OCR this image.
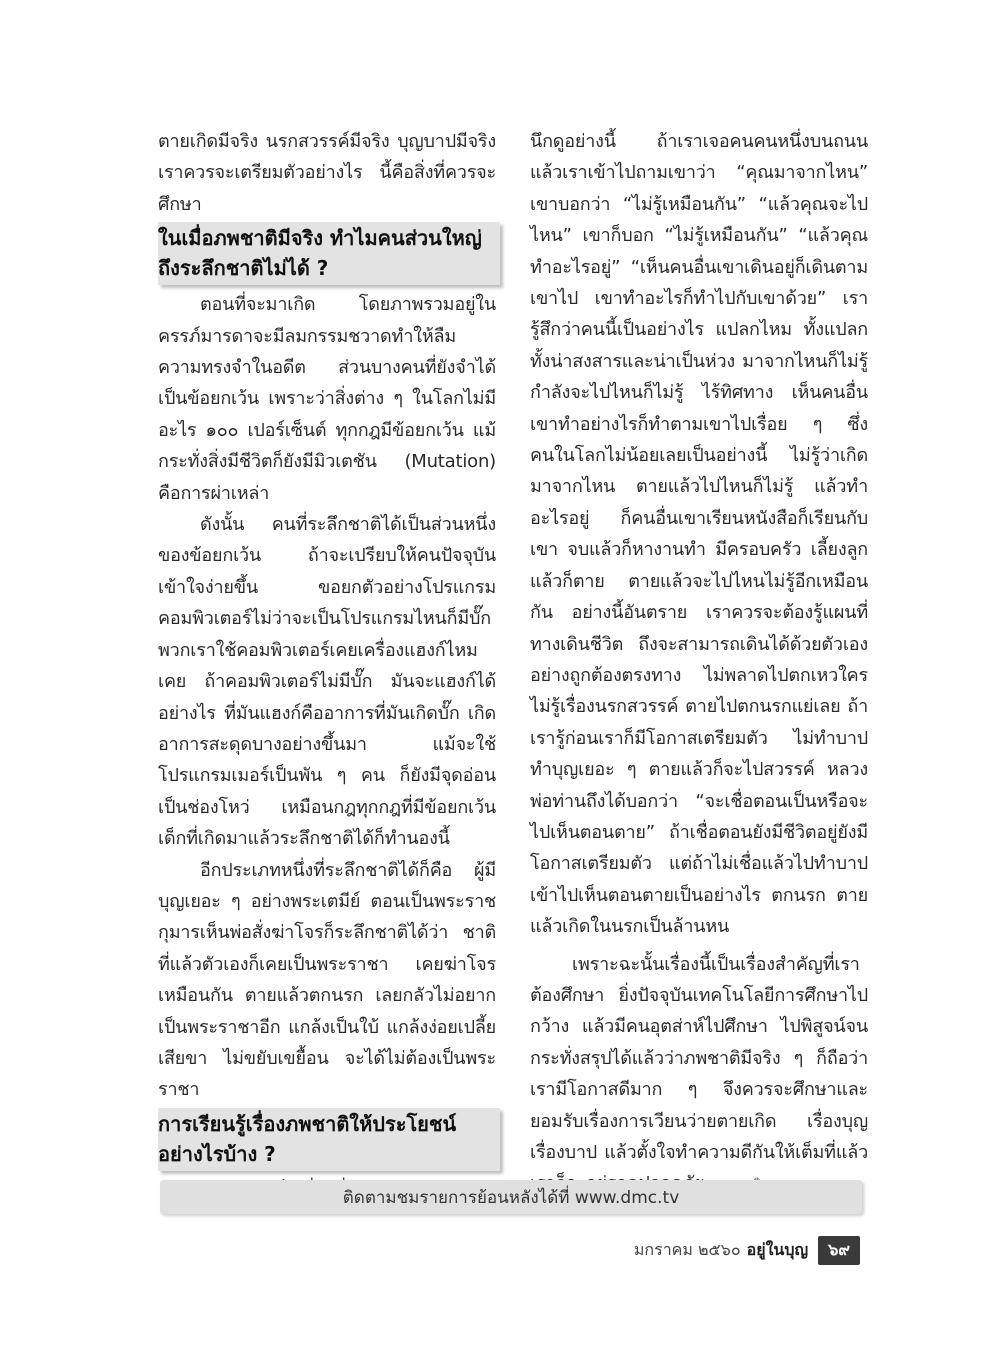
ตายเกิดมีจริง นรกสวรรค์มีจริง บุญบาปมีจริง เราควรจะเตรียมตัวอย่างไร นี้คือสิ่งที่ควรจะศึกษา

ในเมื่อภพชาติมีจริง ทำไมคนส่วนใหญ่
ถึงระลึกชาติไม่ได้ ?

ตอนที่จะมาเกิด โดยภาพรวมอยู่ในครรภ์มารดาจะมีลมกรรมชวาดทำให้ลืมความทรงจำในอดีต ส่วนบางคนที่ยังจำได้เป็นข้อยกเว้น เพราะว่าสิ่งต่าง ๆ ในโลกไม่มีอะไร ๑๐๐ เปอร์เซ็นต์ ทุกกฎมีข้อยกเว้น แม้กระทั่งสิ่งมีชีวิตก็ยังมีมิวเตชัน (Mutation) คือการผ่าเหล่า

ดังนั้น คนที่ระลึกชาติได้เป็นส่วนหนึ่งของข้อยกเว้น ถ้าจะเปรียบให้คนปัจจุบันเข้าใจง่ายขึ้น ขอยกตัวอย่างโปรแกรมคอมพิวเตอร์ไม่ว่าจะเป็นโปรแกรมไหนก็มีบั๊ก พวกเราใช้คอมพิวเตอร์เคยเครื่องแฮงก์ไหม เคย ถ้าคอมพิวเตอร์ไม่มีบั๊ก มันจะแฮงก์ได้อย่างไร ที่มันแฮงก์คืออาการที่มันเกิดบั๊ก เกิดอาการสะดุดบางอย่างขึ้นมา แม้จะใช้โปรแกรมเมอร์เป็นพัน ๆ คน ก็ยังมีจุดอ่อนเป็นช่องโหว่ เหมือนกฎทุกกฎที่มีข้อยกเว้น เด็กที่เกิดมาแล้วระลึกชาติได้ก็ทำนองนี้

อีกประเภทหนึ่งที่ระลึกชาติได้ก็คือ ผู้มีบุญเยอะ ๆ อย่างพระเตมีย์ ตอนเป็นพระราชกุมารเห็นพ่อสั่งฆ่าโจรก็ระลึกชาติได้ว่า ชาติที่แล้วตัวเองก็เคยเป็นพระราชา เคยฆ่าโจรเหมือนกัน ตายแล้วตกนรก เลยกลัวไม่อยากเป็นพระราชาอีก แกล้งเป็นใบ้ แกล้งง่อยเปลี้ยเสียขา ไม่ขยับเขยื้อน จะได้ไม่ต้องเป็นพระราชา

การเรียนรู้เรื่องภพชาติให้ประโยชน์
อย่างไรบ้าง ?

นึกดูอย่างนี้ ถ้าเราเจอคนคนหนึ่งบนถนน แล้วเราเข้าไปถามเขาว่า “คุณมาจากไหน” เขาบอกว่า “ไม่รู้เหมือนกัน” “แล้วคุณจะไปไหน” เขาก็บอก “ไม่รู้เหมือนกัน” “แล้วคุณทำอะไรอยู่” “เห็นคนอื่นเขาเดินอยู่ก็เดินตามเขาไป เขาทำอะไรก็ทำไปกับเขาด้วย” เรารู้สึกว่าคนนี้เป็นอย่างไร แปลกไหม ทั้งแปลกทั้งน่าสงสารและน่าเป็นห่วง มาจากไหนก็ไม่รู้ กำลังจะไปไหนก็ไม่รู้ ไร้ทิศทาง เห็นคนอื่นเขาทำอย่างไรก็ทำตามเขาไปเรื่อย ๆ ซึ่งคนในโลกไม่น้อยเลยเป็นอย่างนี้ ไม่รู้ว่าเกิดมาจากไหน ตายแล้วไปไหนก็ไม่รู้ แล้วทำอะไรอยู่ ก็คนอื่นเขาเรียนหนังสือก็เรียนกับเขา จบแล้วก็หางานทำ มีครอบครัว เลี้ยงลูก แล้วก็ตาย ตายแล้วจะไปไหนไม่รู้อีกเหมือนกัน อย่างนี้อันตราย เราควรจะต้องรู้แผนที่ทางเดินชีวิต ถึงจะสามารถเดินได้ด้วยตัวเองอย่างถูกต้องตรงทาง ไม่พลาดไปตกเหวใครไม่รู้เรื่องนรกสวรรค์ ตายไปตกนรกแย่เลย ถ้าเรารู้ก่อนเราก็มีโอกาสเตรียมตัว ไม่ทำบาปทำบุญเยอะ ๆ ตายแล้วก็จะไปสวรรค์ หลวงพ่อท่านถึงได้บอกว่า “จะเชื่อตอนเป็นหรือจะไปเห็นตอนตาย” ถ้าเชื่อตอนยังมีชีวิตอยู่ยังมีโอกาสเตรียมตัว แต่ถ้าไม่เชื่อแล้วไปทำบาปเข้าไปเห็นตอนตายเป็นอย่างไร ตกนรก ตายแล้วเกิดในนรกเป็นล้านหน

เพราะฉะนั้นเรื่องนี้เป็นเรื่องสำคัญที่เราต้องศึกษา ยิ่งปัจจุบันเทคโนโลยีการศึกษาไปกว้าง แล้วมีคนอุตส่าห์ไปศึกษา ไปพิสูจน์จนกระทั่งสรุปได้แล้วว่าภพชาติมีจริง ๆ ก็ถือว่าเรามีโอกาสดีมาก ๆ จึงควรจะศึกษาและยอมรับเรื่องการเวียนว่ายตายเกิด เรื่องบุญเรื่องบาป แล้วตั้งใจทำความดีกันให้เต็มที่แล้ว

ติดตามชมรายการย้อนหลังได้ที่ www.dmc.tv
มกราคม ๒๕๖๐ อยู่ในบุญ	๖๙
